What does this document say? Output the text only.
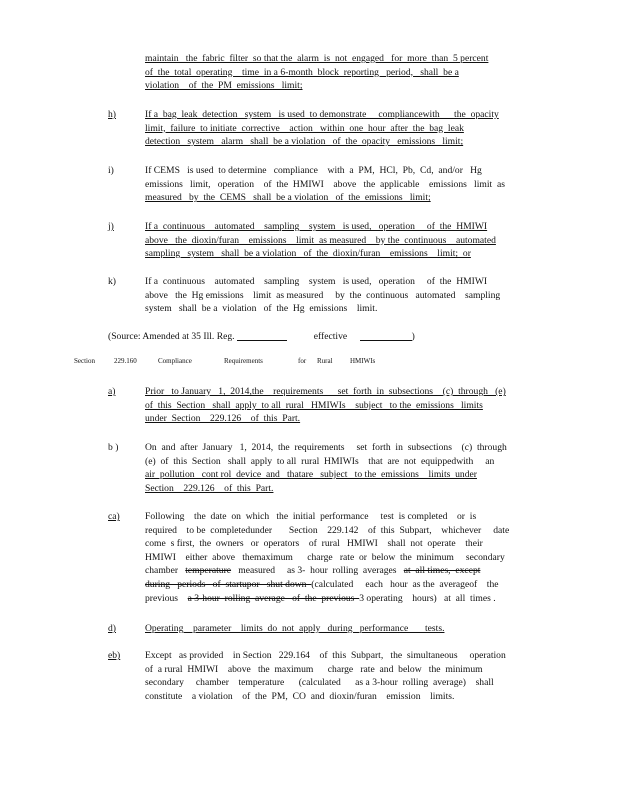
maintain   the  fabric  filter  so that the  alarm  is  not  engaged   for  more  than  5 percent
of  the  total  operating    time  in a 6-month  block  reporting   period,   shall  be a
violation    of  the  PM  emissions   limit;
h)	If a  bag  leak  detection   system   is used  to demonstrate     compliancewith      the  opacity
limit,  failure  to initiate  corrective    action   within  one  hour  after  the  bag  leak
detection   system   alarm   shall  be a violation   of  the  opacity   emissions   limit;
i)	If CEMS   is used  to determine   compliance    with  a  PM,  HCl,  Pb,  Cd,  and/or   Hg
emissions   limit,   operation    of  the  HMIWI    above   the  applicable    emissions   limit  as
measured   by  the  CEMS   shall  be a violation   of  the  emissions   limit;
j)	If a  continuous    automated    sampling    system   is used,   operation     of  the  HMIWI
above   the  dioxin/furan    emissions    limit  as measured    by the  continuous    automated
sampling   system   shall  be a violation   of  the  dioxin/furan    emissions    limit;  or
k)	If a  continuous    automated    sampling    system   is used,   operation     of  the  HMIWI
above   the  Hg emissions    limit  as measured     by  the  continuous   automated    sampling
system   shall  be a  violation   of  the  Hg  emissions    limit.
a)	Prior   to January   1,  2014,the    requirements      set  forth  in  subsections    (c)  through   (e)
of  this  Section   shall  apply  to all  rural   HMIWIs    subject   to the  emissions   limits
under  Section    229.126    of  this  Part.
b )	On  and  after  January   1,  2014,  the  requirements     set  forth  in  subsections    (c)  through
(e)  of  this  Section   shall  apply  to all  rural  HMIWIs    that  are  not  equippedwith     an
air  pollution   cont rol  device  and   thatare   subject   to the  emissions    limits  under
Section    229.126    of  this  Part.
ca)	Following    the  date  on  which   the  initial  performance     test  is completed    or  is
required    to be  completedunder       Section    229.142    of  this  Subpart,    whichever     date
come  s first,  the  owners   or  operators    of  rural   HMIWI    shall  not  operate    their
HMIWI    either  above   themaximum      charge   rate  or  below  the  minimum     secondary
chamber   temperature   measured     as 3-  hour  rolling  averages   at  all times,  except
during   periods   of  startupor   shut down  (calculated     each   hour  as the  averageof    the
previous    a 3-hour  rolling  average   of  the  previous  3 operating    hours)   at  all  times .
d)	Operating    parameter    limits  do  not  apply   during   performance       tests.
eb)	Except   as provided    in Section   229.164    of  this  Subpart,   the  simultaneous     operation
of  a rural  HMIWI    above   the  maximum      charge   rate  and  below   the  minimum
secondary     chamber    temperature      (calculated      as a 3-hour  rolling  average)    shall
constitute    a violation    of  the  PM,  CO  and  dioxin/furan    emission    limits.
(Source: Amended at 35 Ill. Reg.	effective	)
Section	229.160	Compliance	Requirements	for Rural HMIWIs
